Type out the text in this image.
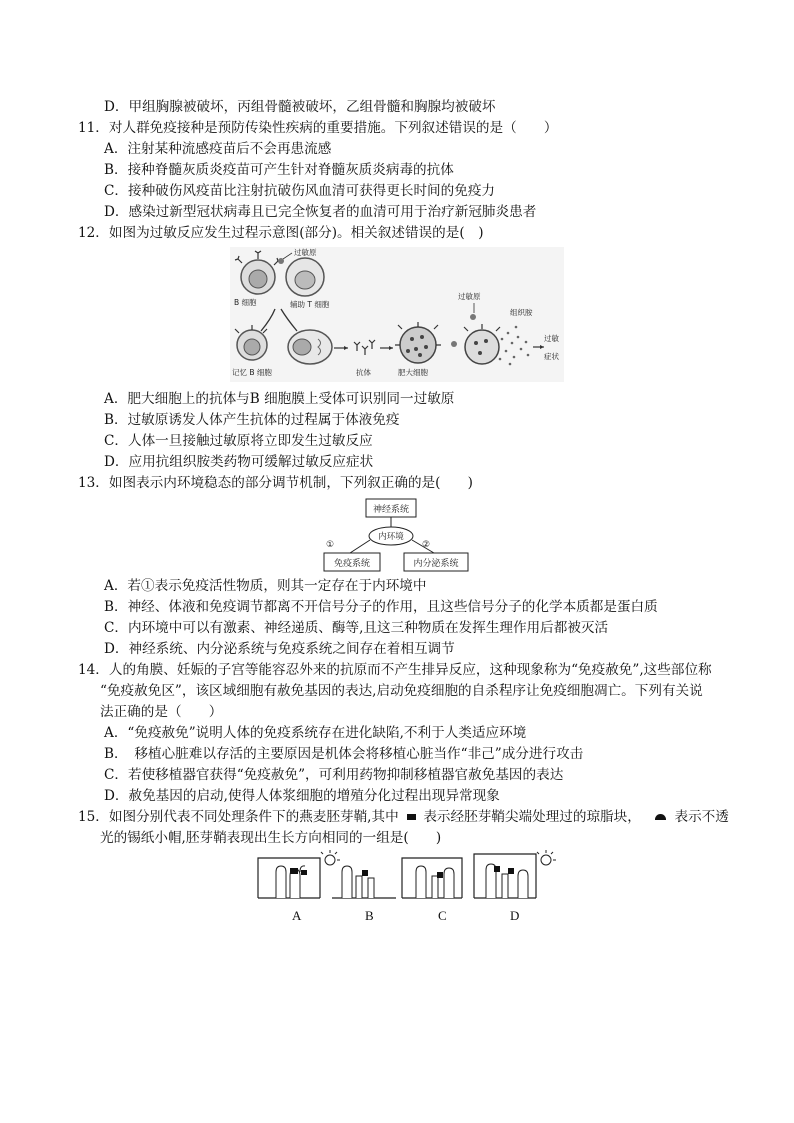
D．甲组胸腺被破坏，丙组骨髓被破坏，乙组骨髓和胸腺均被破坏
11．对人群免疫接种是预防传染性疾病的重要措施。下列叙述错误的是（　　）
A．注射某种流感疫苗后不会再患流感
B．接种脊髓灰质炎疫苗可产生针对脊髓灰质炎病毒的抗体
C．接种破伤风疫苗比注射抗破伤风血清可获得更长时间的免疫力
D．感染过新型冠状病毒且已完全恢复者的血清可用于治疗新冠肺炎患者
12．如图为过敏反应发生过程示意图(部分)。相关叙述错误的是(　)
过敏原
B 细胞	辅助 T 细胞
记忆 B 细胞	抗体	肥大细胞
过敏原
组织胺
过敏
症状
A．肥大细胞上的抗体与B 细胞膜上受体可识别同一过敏原
B．过敏原诱发人体产生抗体的过程属于体液免疫
C．人体一旦接触过敏原将立即发生过敏反应
D．应用抗组织胺类药物可缓解过敏反应症状
13．如图表示内环境稳态的部分调节机制，下列叙正确的是(　　)
神经系统
内环境
①	②
免疫系统	内分泌系统
A．若①表示免疫活性物质，则其一定存在于内环境中
B．神经、体液和免疫调节都离不开信号分子的作用，且这些信号分子的化学本质都是蛋白质
C．内环境中可以有激素、神经递质、酶等,且这三种物质在发挥生理作用后都被灭活
D．神经系统、内分泌系统与免疫系统之间存在着相互调节
14．人的角膜、妊娠的子宫等能容忍外来的抗原而不产生排异反应，这种现象称为“免疫赦免”,这些部位称
“免疫赦免区”，该区域细胞有赦免基因的表达,启动免疫细胞的自杀程序让免疫细胞凋亡。下列有关说
法正确的是（　　）
A．“免疫赦免”说明人体的免疫系统存在进化缺陷,不利于人类适应环境
B．　移植心脏难以存活的主要原因是机体会将移植心脏当作“非己”成分进行攻击
C．若使移植器官获得“免疫赦免”，可利用药物抑制移植器官赦免基因的表达
D．赦免基因的启动,使得人体浆细胞的增殖分化过程出现异常现象
15．如图分别代表不同处理条件下的燕麦胚芽鞘,其中 表示经胚芽鞘尖端处理过的琼脂块， 表示不透
光的锡纸小帽,胚芽鞘表现出生长方向相同的一组是(　　)
A	B	C	D
